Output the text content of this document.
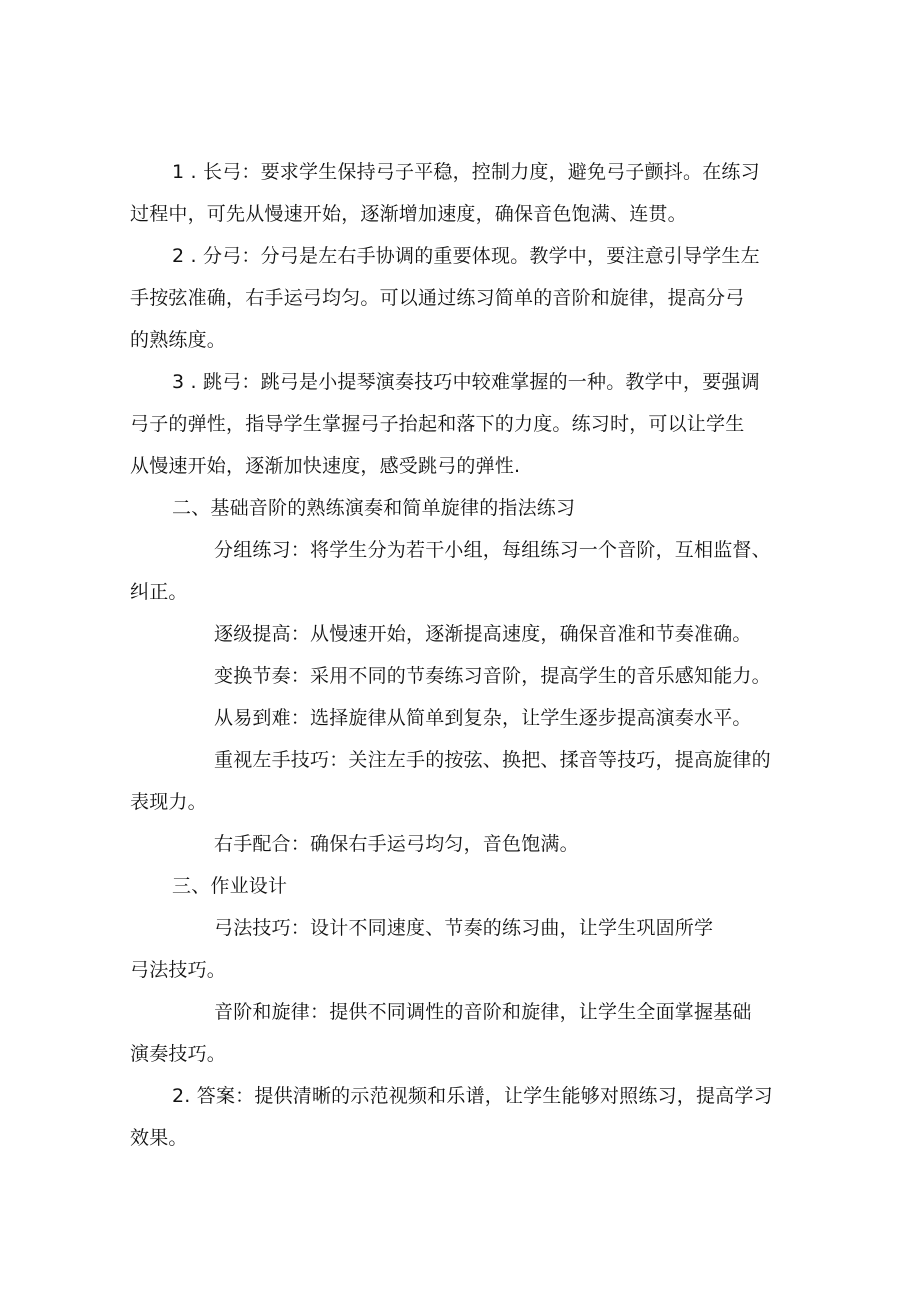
1 . 长弓：要求学生保持弓子平稳，控制力度，避免弓子颤抖。在练习
过程中，可先从慢速开始，逐渐增加速度，确保音色饱满、连贯。
2 . 分弓：分弓是左右手协调的重要体现。教学中，要注意引导学生左
手按弦准确，右手运弓均匀。可以通过练习简单的音阶和旋律，提高分弓
的熟练度。
3 . 跳弓：跳弓是小提琴演奏技巧中较难掌握的一种。教学中，要强调
弓子的弹性，指导学生掌握弓子抬起和落下的力度。练习时，可以让学生
从慢速开始，逐渐加快速度，感受跳弓的弹性.
二、基础音阶的熟练演奏和简单旋律的指法练习
分组练习：将学生分为若干小组，每组练习一个音阶，互相监督、
纠正。
逐级提高：从慢速开始，逐渐提高速度，确保音准和节奏准确。
变换节奏：采用不同的节奏练习音阶，提高学生的音乐感知能力。
从易到难：选择旋律从简单到复杂，让学生逐步提高演奏水平。
重视左手技巧：关注左手的按弦、换把、揉音等技巧，提高旋律的
表现力。
右手配合：确保右手运弓均匀，音色饱满。
三、作业设计
弓法技巧：设计不同速度、节奏的练习曲，让学生巩固所学
弓法技巧。
音阶和旋律：提供不同调性的音阶和旋律，让学生全面掌握基础
演奏技巧。
2. 答案：提供清晰的示范视频和乐谱，让学生能够对照练习，提高学习
效果。
